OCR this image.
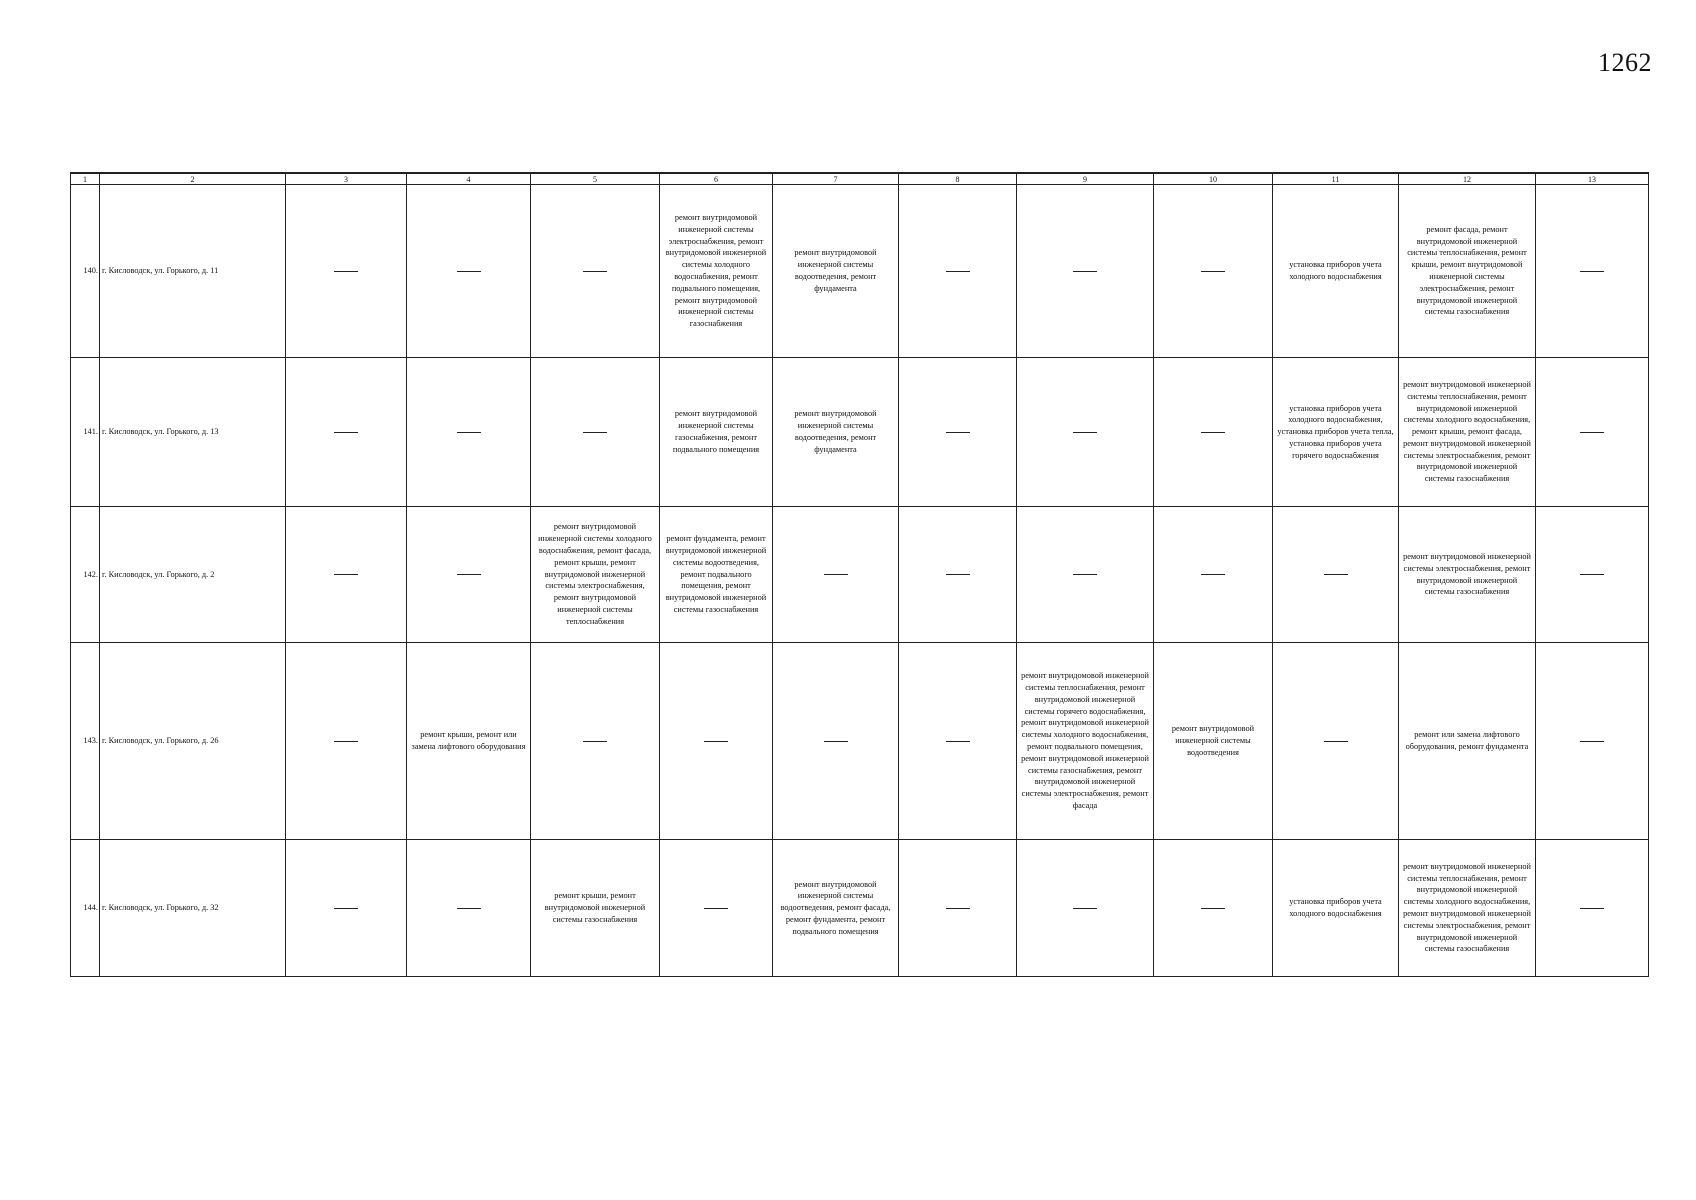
1262
1	2	3	4	5	6	7	8	9	10	11	12	13
140.	г. Кисловодск, ул. Горького, д. 11				ремонт внутридомовой инженерной системы электроснабжения, ремонт внутридомовой инженерной системы холодного водоснабжения, ремонт подвального помещения, ремонт внутридомовой инженерной системы газоснабжения	ремонт внутридомовой инженерной системы водоотведения, ремонт фундамента				установка приборов учета холодного водоснабжения	ремонт фасада, ремонт внутридомовой инженерной системы теплоснабжения, ремонт крыши, ремонт внутридомовой инженерной системы электроснабжения, ремонт внутридомовой инженерной системы газоснабжения	
141.	г. Кисловодск, ул. Горького, д. 13				ремонт внутридомовой инженерной системы газоснабжения, ремонт подвального помещения	ремонт внутридомовой инженерной системы водоотведения, ремонт фундамента				установка приборов учета холодного водоснабжения, установка приборов учета тепла, установка приборов учета горячего водоснабжения	ремонт внутридомовой инженерной системы теплоснабжения, ремонт внутридомовой инженерной системы холодного водоснабжения, ремонт крыши, ремонт фасада, ремонт внутридомовой инженерной системы электроснабжения, ремонт внутридомовой инженерной системы газоснабжения	
142.	г. Кисловодск, ул. Горького, д. 2			ремонт внутридомовой инженерной системы холодного водоснабжения, ремонт фасада, ремонт крыши, ремонт внутридомовой инженерной системы электроснабжения, ремонт внутридомовой инженерной системы теплоснабжения	ремонт фундамента, ремонт внутридомовой инженерной системы водоотведения, ремонт подвального помещения, ремонт внутридомовой инженерной системы газоснабжения						ремонт внутридомовой инженерной системы электроснабжения, ремонт внутридомовой инженерной системы газоснабжения	
143.	г. Кисловодск, ул. Горького, д. 26		ремонт крыши, ремонт или замена лифтового оборудования					ремонт внутридомовой инженерной системы теплоснабжения, ремонт внутридомовой инженерной системы горячего водоснабжения, ремонт внутридомовой инженерной системы холодного водоснабжения, ремонт подвального помещения, ремонт внутридомовой инженерной системы газоснабжения, ремонт внутридомовой инженерной системы электроснабжения, ремонт фасада	ремонт внутридомовой инженерной системы водоотведения		ремонт или замена лифтового оборудования, ремонт фундамента	
144.	г. Кисловодск, ул. Горького, д. 32			ремонт крыши, ремонт внутридомовой инженерной системы газоснабжения		ремонт внутридомовой инженерной системы водоотведения, ремонт фасада, ремонт фундамента, ремонт подвального помещения				установка приборов учета холодного водоснабжения	ремонт внутридомовой инженерной системы теплоснабжения, ремонт внутридомовой инженерной системы холодного водоснабжения, ремонт внутридомовой инженерной системы электроснабжения, ремонт внутридомовой инженерной системы газоснабжения	
